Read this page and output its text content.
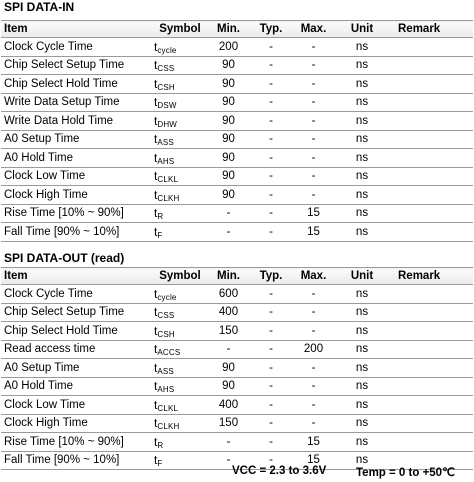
SPI DATA-IN
Item	Symbol	Min.	Typ.	Max.	Unit	Remark
Clock Cycle Time	tcycle	200	-	-	ns	
Chip Select Setup Time	tCSS	90	-	-	ns	
Chip Select Hold Time	tCSH	90	-	-	ns	
Write Data Setup Time	tDSW	90	-	-	ns	
Write Data Hold Time	tDHW	90	-	-	ns	
A0 Setup Time	tASS	90	-	-	ns	
A0 Hold Time	tAHS	90	-	-	ns	
Clock Low Time	tCLKL	90	-	-	ns	
Clock High Time	tCLKH	90	-	-	ns	
Rise Time [10% ~ 90%]	tR	-	-	15	ns	
Fall Time [90% ~ 10%]	tF	-	-	15	ns	
SPI DATA-OUT (read)
Item	Symbol	Min.	Typ.	Max.	Unit	Remark
Clock Cycle Time	tcycle	600	-	-	ns	
Chip Select Setup Time	tCSS	400	-	-	ns	
Chip Select Hold Time	tCSH	150	-	-	ns	
Read access time	tACCS	-	-	200	ns	
A0 Setup Time	tASS	90	-	-	ns	
A0 Hold Time	tAHS	90	-	-	ns	
Clock Low Time	tCLKL	400	-	-	ns	
Clock High Time	tCLKH	150	-	-	ns	
Rise Time [10% ~ 90%]	tR	-	-	15	ns	
Fall Time [90% ~ 10%]	tF	-	-	15	ns	
VCC = 2.3 to 3.6V	Temp = 0 to +50℃
